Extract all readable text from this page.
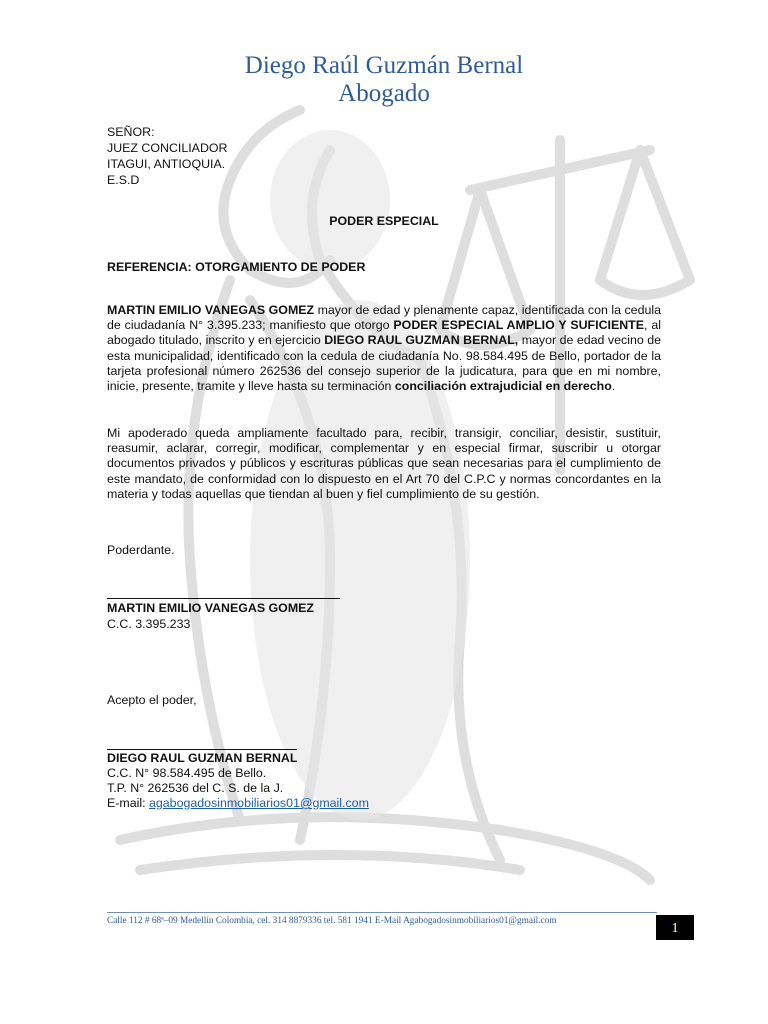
Diego Raúl Guzmán Bernal
Abogado
SEÑOR:
JUEZ CONCILIADOR
ITAGUI, ANTIOQUIA.
E.S.D
PODER ESPECIAL
REFERENCIA: OTORGAMIENTO DE PODER
MARTIN EMILIO VANEGAS GOMEZ mayor de edad y plenamente capaz, identificada con la cedula de ciudadanía N° 3.395.233; manifiesto que otorgo PODER ESPECIAL AMPLIO Y SUFICIENTE, al abogado titulado, inscrito y en ejercicio DIEGO RAUL GUZMAN BERNAL, mayor de edad vecino de esta municipalidad, identificado con la cedula de ciudadanía No. 98.584.495 de Bello, portador de la tarjeta profesional número 262536 del consejo superior de la judicatura, para que en mi nombre, inicie, presente, tramite y lleve hasta su terminación conciliación extrajudicial en derecho.
Mi apoderado queda ampliamente facultado para, recibir, transigir, conciliar, desistir, sustituir, reasumir, aclarar, corregir, modificar, complementar y en especial firmar, suscribir u otorgar documentos privados y públicos y escrituras públicas que sean necesarias para el cumplimiento de este mandato, de conformidad con lo dispuesto en el Art 70 del C.P.C y normas concordantes en la materia y todas aquellas que tiendan al buen y fiel cumplimiento de su gestión.
Poderdante.
MARTIN EMILIO VANEGAS GOMEZ
C.C. 3.395.233
Acepto el poder,
DIEGO RAUL GUZMAN BERNAL
C.C. N° 98.584.495 de Bello.
T.P. N° 262536 del C. S. de la J.
E-mail: agabogadosinmobiliarios01@gmail.com
Calle 112 # 68ª–09 Medellín Colombia, cel. 314 8879336 tel. 581 1941 E-Mail Agabogadosinmobiliarios01@gmail.com	1
